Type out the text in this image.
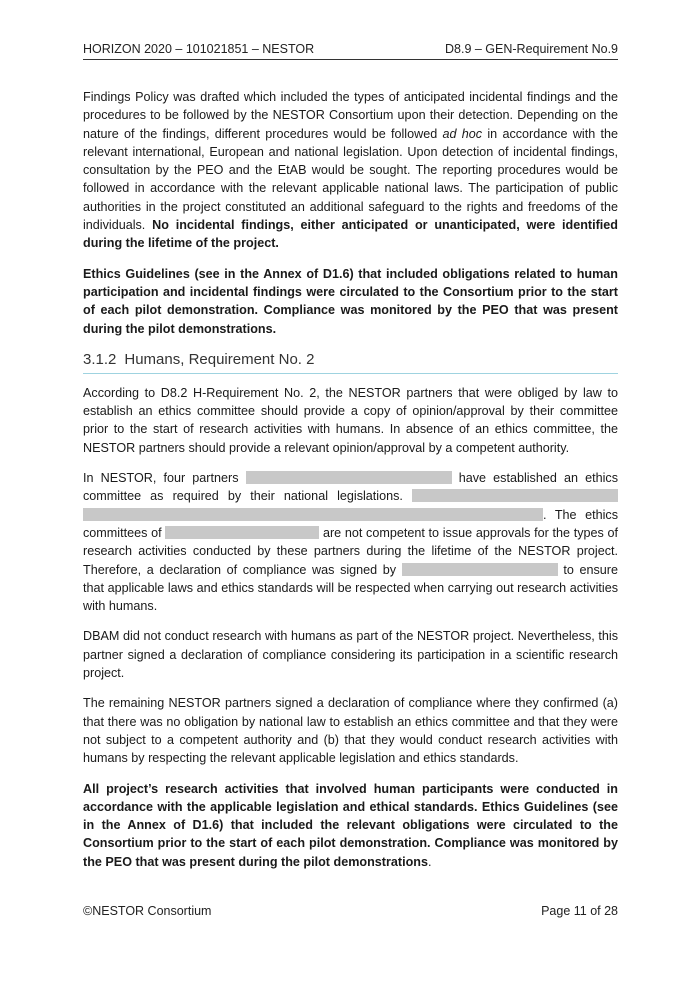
HORIZON 2020 – 101021851 – NESTOR	D8.9 – GEN-Requirement No.9

Findings Policy was drafted which included the types of anticipated incidental findings and the procedures to be followed by the NESTOR Consortium upon their detection. Depending on the nature of the findings, different procedures would be followed ad hoc in accordance with the relevant international, European and national legislation. Upon detection of incidental findings, consultation by the PEO and the EtAB would be sought. The reporting procedures would be followed in accordance with the relevant applicable national laws. The participation of public authorities in the project constituted an additional safeguard to the rights and freedoms of the individuals. No incidental findings, either anticipated or unanticipated, were identified during the lifetime of the project.

Ethics Guidelines (see in the Annex of D1.6) that included obligations related to human participation and incidental findings were circulated to the Consortium prior to the start of each pilot demonstration. Compliance was monitored by the PEO that was present during the pilot demonstrations.

3.1.2 Humans, Requirement No. 2

According to D8.2 H-Requirement No. 2, the NESTOR partners that were obliged by law to establish an ethics committee should provide a copy of opinion/approval by their committee prior to the start of research activities with humans. In absence of an ethics committee, the NESTOR partners should provide a relevant opinion/approval by a competent authority.

In NESTOR, four partners	have established an ethics committee as required by their national legislations.  . The ethics committees of	are not competent to issue approvals for the types of research activities conducted by these partners during the lifetime of the NESTOR project. Therefore, a declaration of compliance was signed by	to ensure that applicable laws and ethics standards will be respected when carrying out research activities with humans.

DBAM did not conduct research with humans as part of the NESTOR project. Nevertheless, this partner signed a declaration of compliance considering its participation in a scientific research project.

The remaining NESTOR partners signed a declaration of compliance where they confirmed (a) that there was no obligation by national law to establish an ethics committee and that they were not subject to a competent authority and (b) that they would conduct research activities with humans by respecting the relevant applicable legislation and ethics standards.

All project’s research activities that involved human participants were conducted in accordance with the applicable legislation and ethical standards. Ethics Guidelines (see in the Annex of D1.6) that included the relevant obligations were circulated to the Consortium prior to the start of each pilot demonstration. Compliance was monitored by the PEO that was present during the pilot demonstrations.

©NESTOR Consortium	Page 11 of 28
